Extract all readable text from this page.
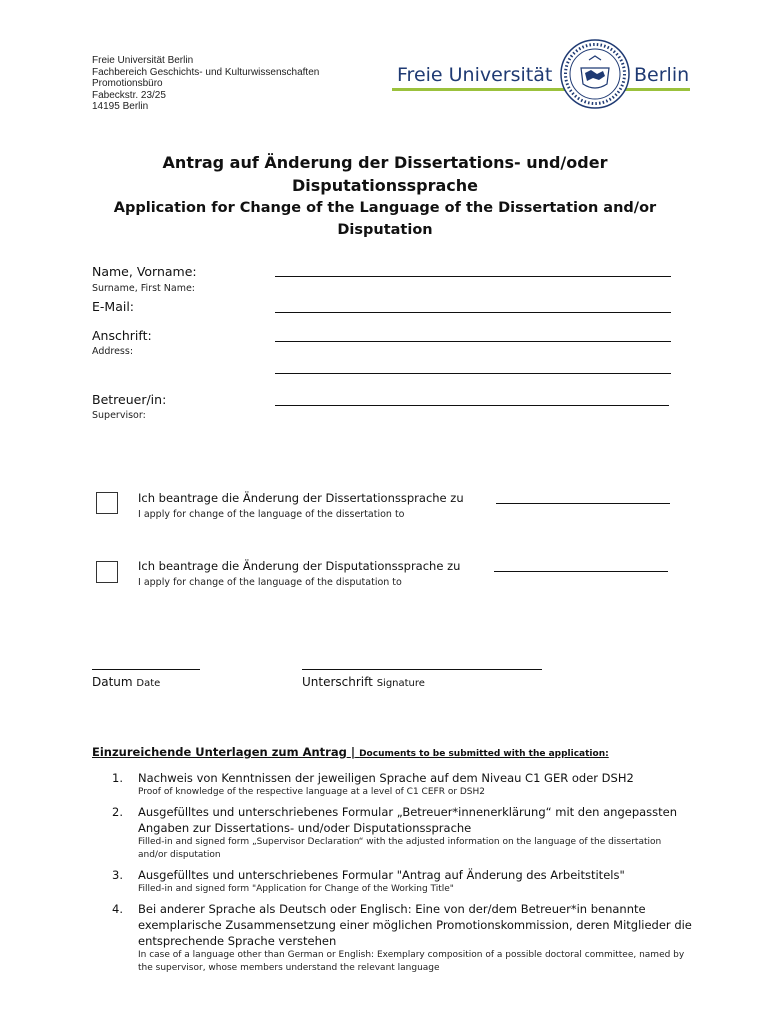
Freie Universität Berlin
Fachbereich Geschichts- und Kulturwissenschaften
Promotionsbüro
Fabeckstr. 23/25
14195 Berlin
Freie Universität	Berlin
Antrag auf Änderung der Dissertations- und/oder
Disputationssprache
Application for Change of the Language of the Dissertation and/or
Disputation
Name, Vorname:
Surname, First Name:
E-Mail:
Anschrift:
Address:
Betreuer/in:
Supervisor:
Ich beantrage die Änderung der Dissertationssprache zu
I apply for change of the language of the dissertation to
Ich beantrage die Änderung der Disputationssprache zu
I apply for change of the language of the disputation to
Datum Date	Unterschrift Signature
Einzureichende Unterlagen zum Antrag | Documents to be submitted with the application:
1.	Nachweis von Kenntnissen der jeweiligen Sprache auf dem Niveau C1 GER oder DSH2
Proof of knowledge of the respective language at a level of C1 CEFR or DSH2
2.	Ausgefülltes und unterschriebenes Formular „Betreuer*innenerklärung“ mit den angepassten Angaben zur Dissertations- und/oder Disputationssprache
Filled-in and signed form „Supervisor Declaration“ with the adjusted information on the language of the dissertation and/or disputation
3.	Ausgefülltes und unterschriebenes Formular "Antrag auf Änderung des Arbeitstitels"
Filled-in and signed form "Application for Change of the Working Title"
4.	Bei anderer Sprache als Deutsch oder Englisch: Eine von der/dem Betreuer*in benannte exemplarische Zusammensetzung einer möglichen Promotionskommission, deren Mitglieder die entsprechende Sprache verstehen
In case of a language other than German or English: Exemplary composition of a possible doctoral committee, named by the supervisor, whose members understand the relevant language
